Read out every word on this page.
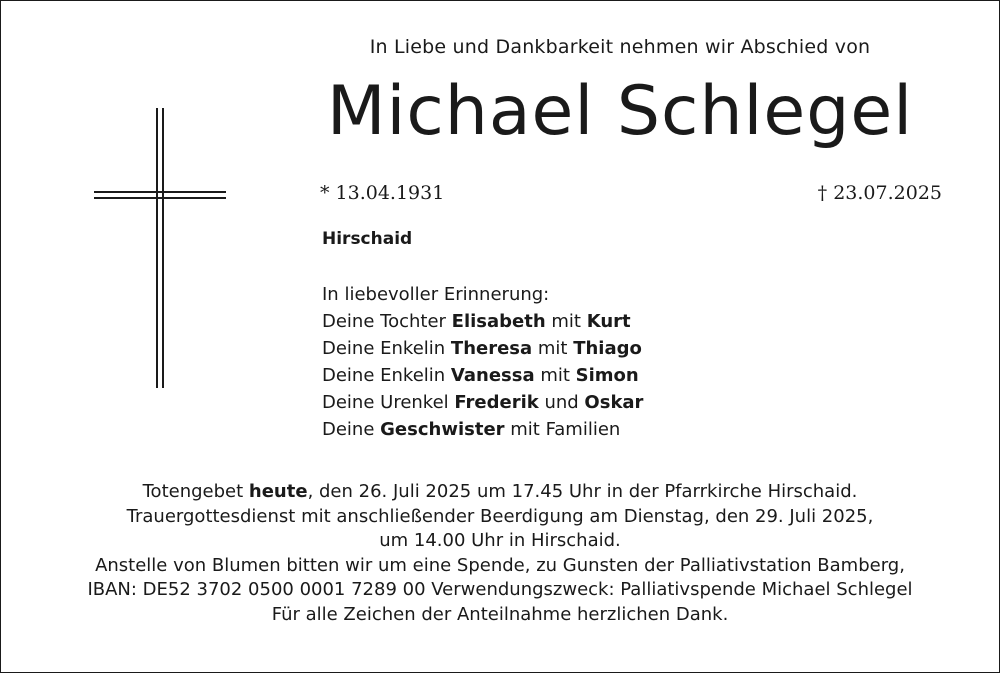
In Liebe und Dankbarkeit nehmen wir Abschied von
Michael Schlegel
* 13.04.1931	† 23.07.2025
Hirschaid
In liebevoller Erinnerung:
Deine Tochter Elisabeth mit Kurt
Deine Enkelin Theresa mit Thiago
Deine Enkelin Vanessa mit Simon
Deine Urenkel Frederik und Oskar
Deine Geschwister mit Familien
Totengebet heute, den 26. Juli 2025 um 17.45 Uhr in der Pfarrkirche Hirschaid.
Trauergottesdienst mit anschließender Beerdigung am Dienstag, den 29. Juli 2025,
um 14.00 Uhr in Hirschaid.
Anstelle von Blumen bitten wir um eine Spende, zu Gunsten der Palliativstation Bamberg,
IBAN: DE52 3702 0500 0001 7289 00 Verwendungszweck: Palliativspende Michael Schlegel
Für alle Zeichen der Anteilnahme herzlichen Dank.
